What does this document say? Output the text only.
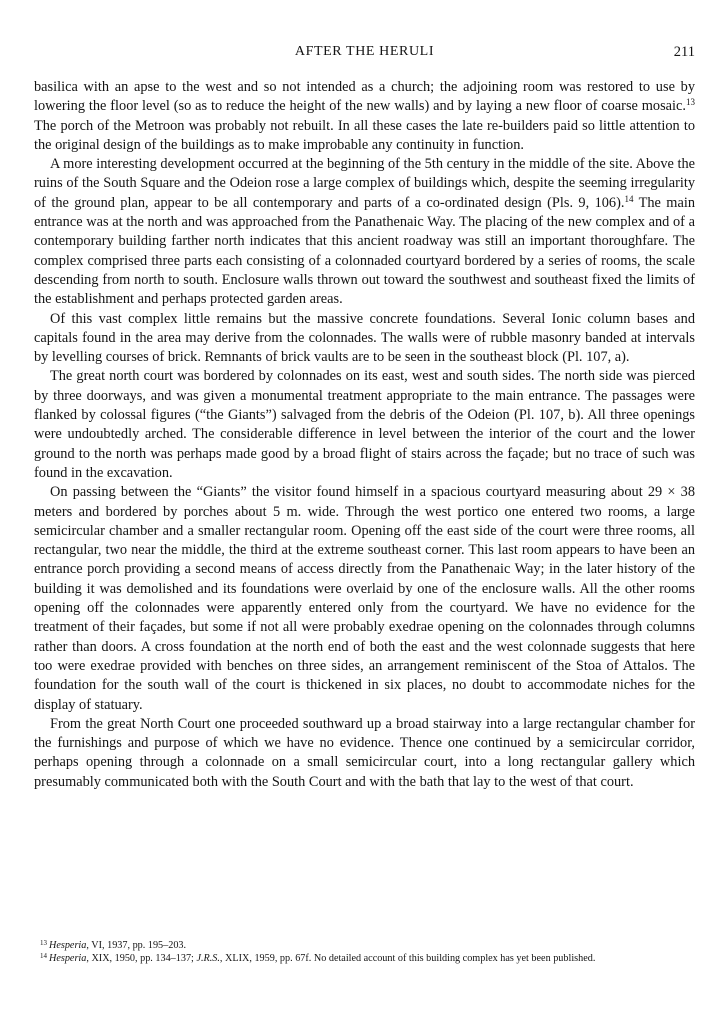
AFTER THE HERULI	211

basilica with an apse to the west and so not intended as a church; the adjoining room was restored to use by lowering the floor level (so as to reduce the height of the new walls) and by laying a new floor of coarse mosaic.$^{13}$ The porch of the Metroon was probably not rebuilt. In all these cases the late re-builders paid so little attention to the original design of the buildings as to make improbable any continuity in function.

A more interesting development occurred at the beginning of the 5th century in the middle of the site. Above the ruins of the South Square and the Odeion rose a large complex of buildings which, despite the seeming irregularity of the ground plan, appear to be all contemporary and parts of a co-ordinated design (Pls. 9, 106).$^{14}$ The main entrance was at the north and was approached from the Panathenaic Way. The placing of the new complex and of a contemporary building farther north indicates that this ancient roadway was still an important thoroughfare. The complex comprised three parts each consisting of a colonnaded courtyard bordered by a series of rooms, the scale descending from north to south. Enclosure walls thrown out toward the southwest and southeast fixed the limits of the establishment and perhaps protected garden areas.

Of this vast complex little remains but the massive concrete foundations. Several Ionic column bases and capitals found in the area may derive from the colonnades. The walls were of rubble masonry banded at intervals by levelling courses of brick. Remnants of brick vaults are to be seen in the southeast block (Pl. 107, a).

The great north court was bordered by colonnades on its east, west and south sides. The north side was pierced by three doorways, and was given a monumental treatment appropriate to the main entrance. The passages were flanked by colossal figures (“the Giants”) salvaged from the debris of the Odeion (Pl. 107, b). All three openings were undoubtedly arched. The considerable difference in level between the interior of the court and the lower ground to the north was perhaps made good by a broad flight of stairs across the façade; but no trace of such was found in the excavation.

On passing between the “Giants” the visitor found himself in a spacious courtyard measuring about 29 × 38 meters and bordered by porches about 5 m. wide. Through the west portico one entered two rooms, a large semicircular chamber and a smaller rectangular room. Opening off the east side of the court were three rooms, all rectangular, two near the middle, the third at the extreme southeast corner. This last room appears to have been an entrance porch providing a second means of access directly from the Panathenaic Way; in the later history of the building it was demolished and its foundations were overlaid by one of the enclosure walls. All the other rooms opening off the colonnades were apparently entered only from the courtyard. We have no evidence for the treatment of their façades, but some if not all were probably exedrae opening on the colonnades through columns rather than doors. A cross foundation at the north end of both the east and the west colonnade suggests that here too were exedrae provided with benches on three sides, an arrangement reminiscent of the Stoa of Attalos. The foundation for the south wall of the court is thickened in six places, no doubt to accommodate niches for the display of statuary.

From the great North Court one proceeded southward up a broad stairway into a large rectangular chamber for the furnishings and purpose of which we have no evidence. Thence one continued by a semicircular corridor, perhaps opening through a colonnade on a small semicircular court, into a long rectangular gallery which presumably communicated both with the South Court and with the bath that lay to the west of that court.

$^{13}$ Hesperia, VI, 1937, pp. 195–203.

$^{14}$ Hesperia, XIX, 1950, pp. 134–137; J.R.S., XLIX, 1959, pp. 67f. No detailed account of this building complex has yet been published.
